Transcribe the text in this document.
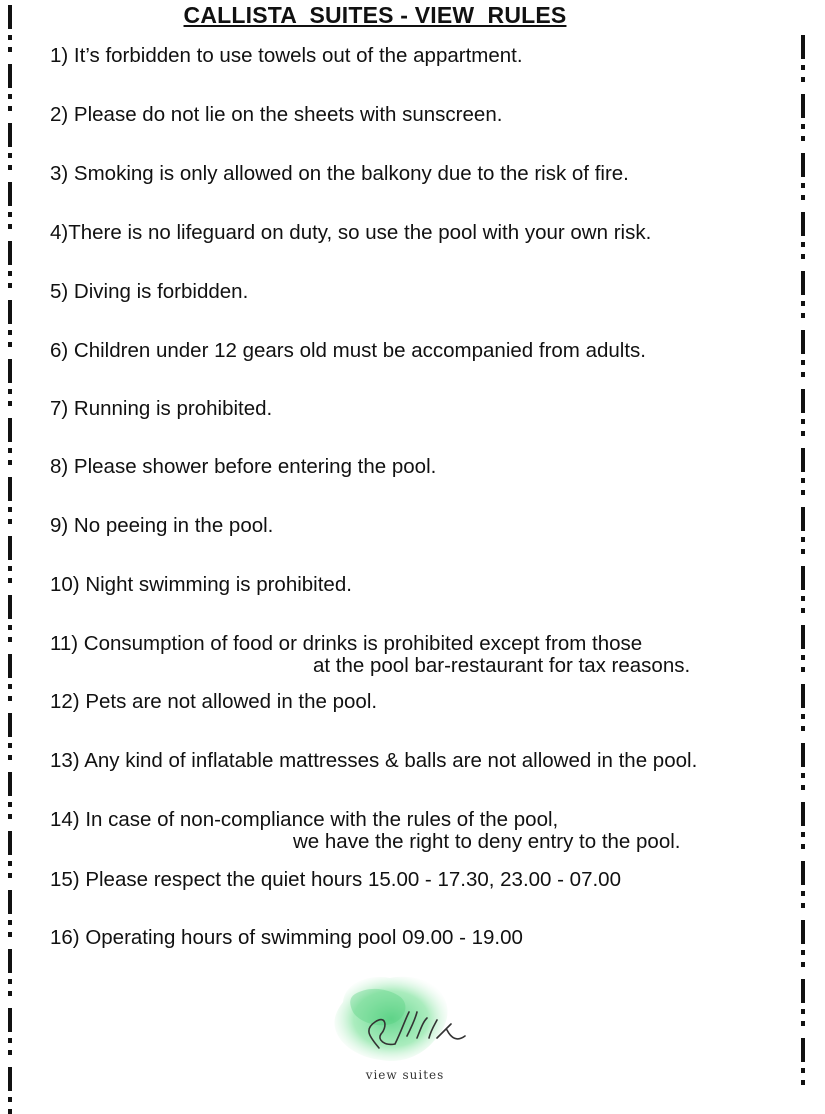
CALLISTA  SUITES - VIEW  RULES
1) It’s forbidden to use towels out of the appartment.
2) Please do not lie on the sheets with sunscreen.
3) Smoking is only allowed on the balkony due to the risk of fire.
4)There is no lifeguard on duty, so use the pool with your own risk.
5) Diving is forbidden.
6) Children under 12 gears old must be accompanied from adults.
7) Running is prohibited.
8) Please shower before entering the pool.
9) No peeing in the pool.
10) Night swimming is prohibited.
11) Consumption of food or drinks is prohibited except from those
at the pool bar-restaurant for tax reasons.
12) Pets are not allowed in the pool.
13) Any kind of inflatable mattresses & balls are not allowed in the pool.
14) In case of non-compliance with the rules of the pool,
we have the right to deny entry to the pool.
15) Please respect the quiet hours 15.00 - 17.30, 23.00 - 07.00
16) Operating hours of swimming pool 09.00 - 19.00
view suites
